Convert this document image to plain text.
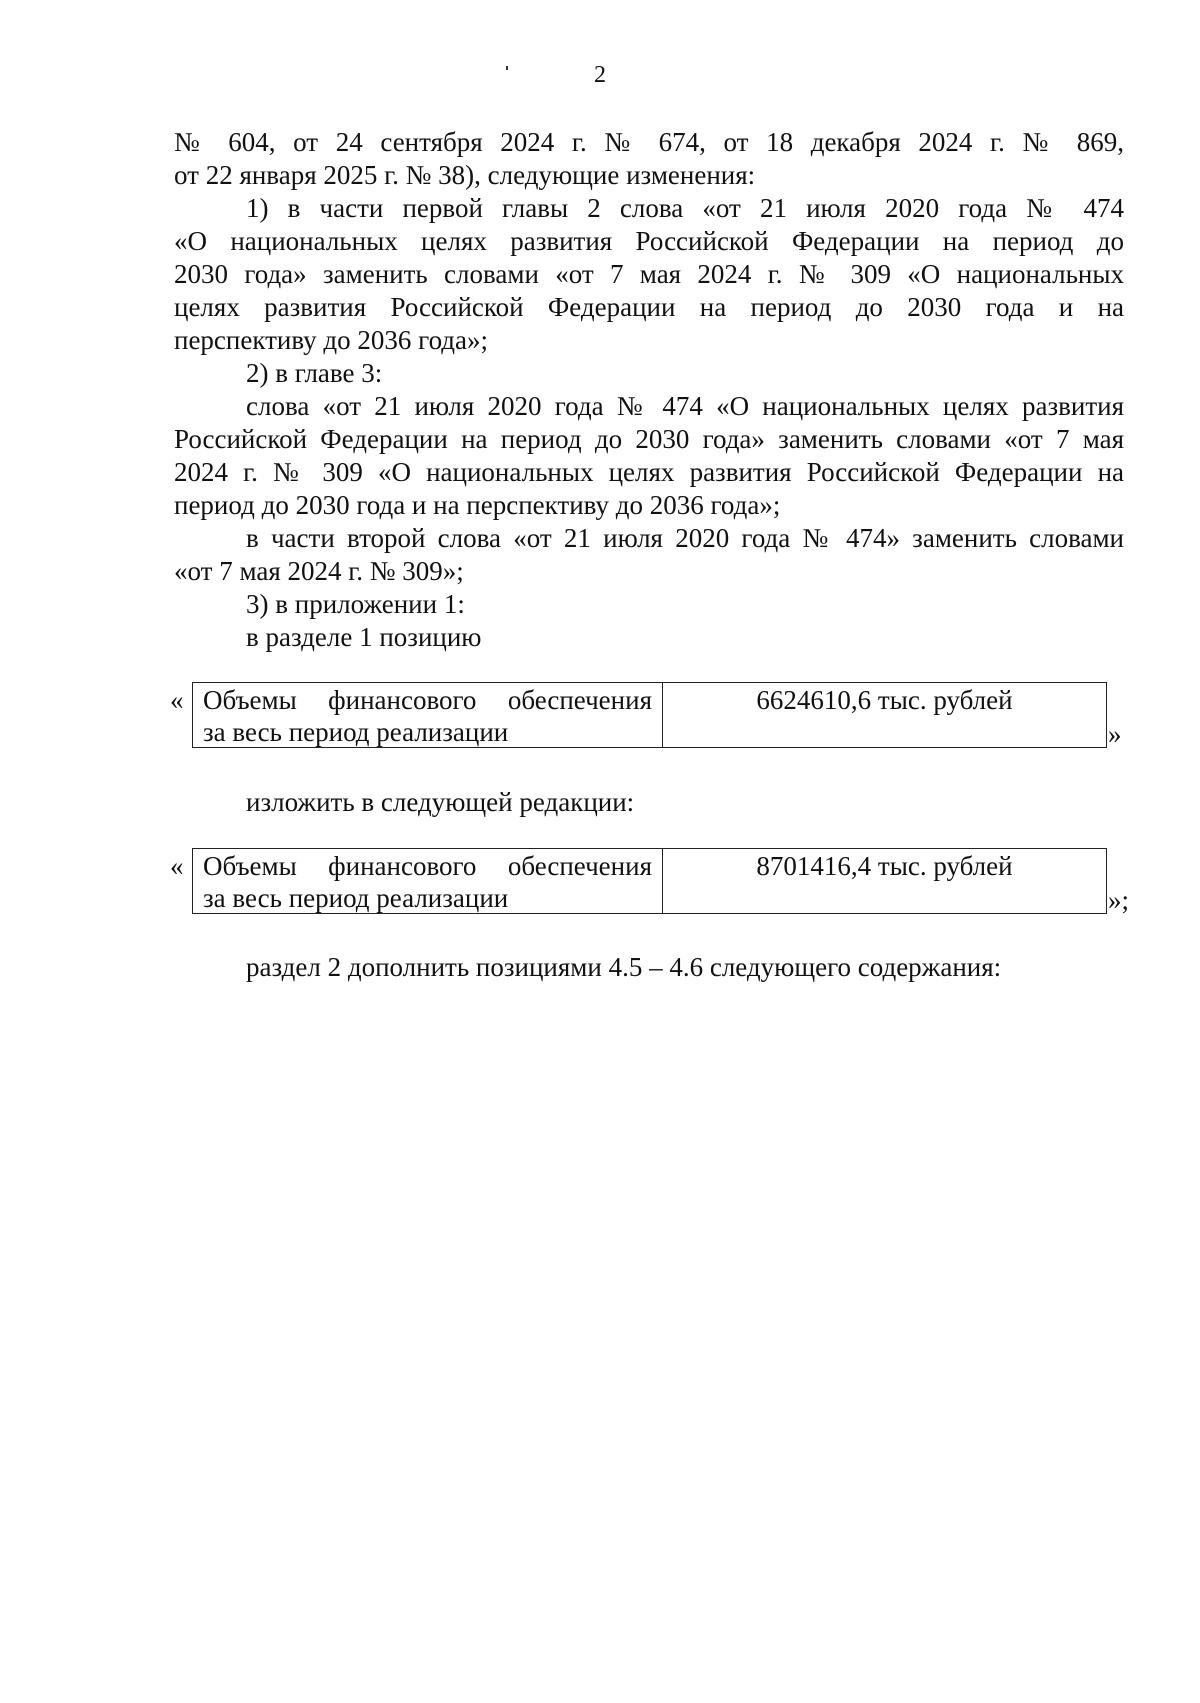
2

№ 604, от 24 сентября 2024 г. № 674, от 18 декабря 2024 г. № 869,
от 22 января 2025 г. № 38), следующие изменения:

1) в части первой главы 2 слова «от 21 июля 2020 года № 474
«О национальных целях развития Российской Федерации на период до
2030 года» заменить словами «от 7 мая 2024 г. № 309 «О национальных
целях развития Российской Федерации на период до 2030 года и на
перспективу до 2036 года»;

2) в главе 3:

слова «от 21 июля 2020 года № 474 «О национальных целях развития
Российской Федерации на период до 2030 года» заменить словами «от 7 мая
2024 г. № 309 «О национальных целях развития Российской Федерации на
период до 2030 года и на перспективу до 2036 года»;

в части второй слова «от 21 июля 2020 года № 474» заменить словами
«от 7 мая 2024 г. № 309»;

3) в приложении 1:

в разделе 1 позицию

« Объемы финансового обеспечения
за весь период реализации
6624610,6 тыс. рублей
»
изложить в следующей редакции:
« Объемы финансового обеспечения
за весь период реализации
8701416,4 тыс. рублей
»;
раздел 2 дополнить позициями 4.5 – 4.6 следующего содержания:
